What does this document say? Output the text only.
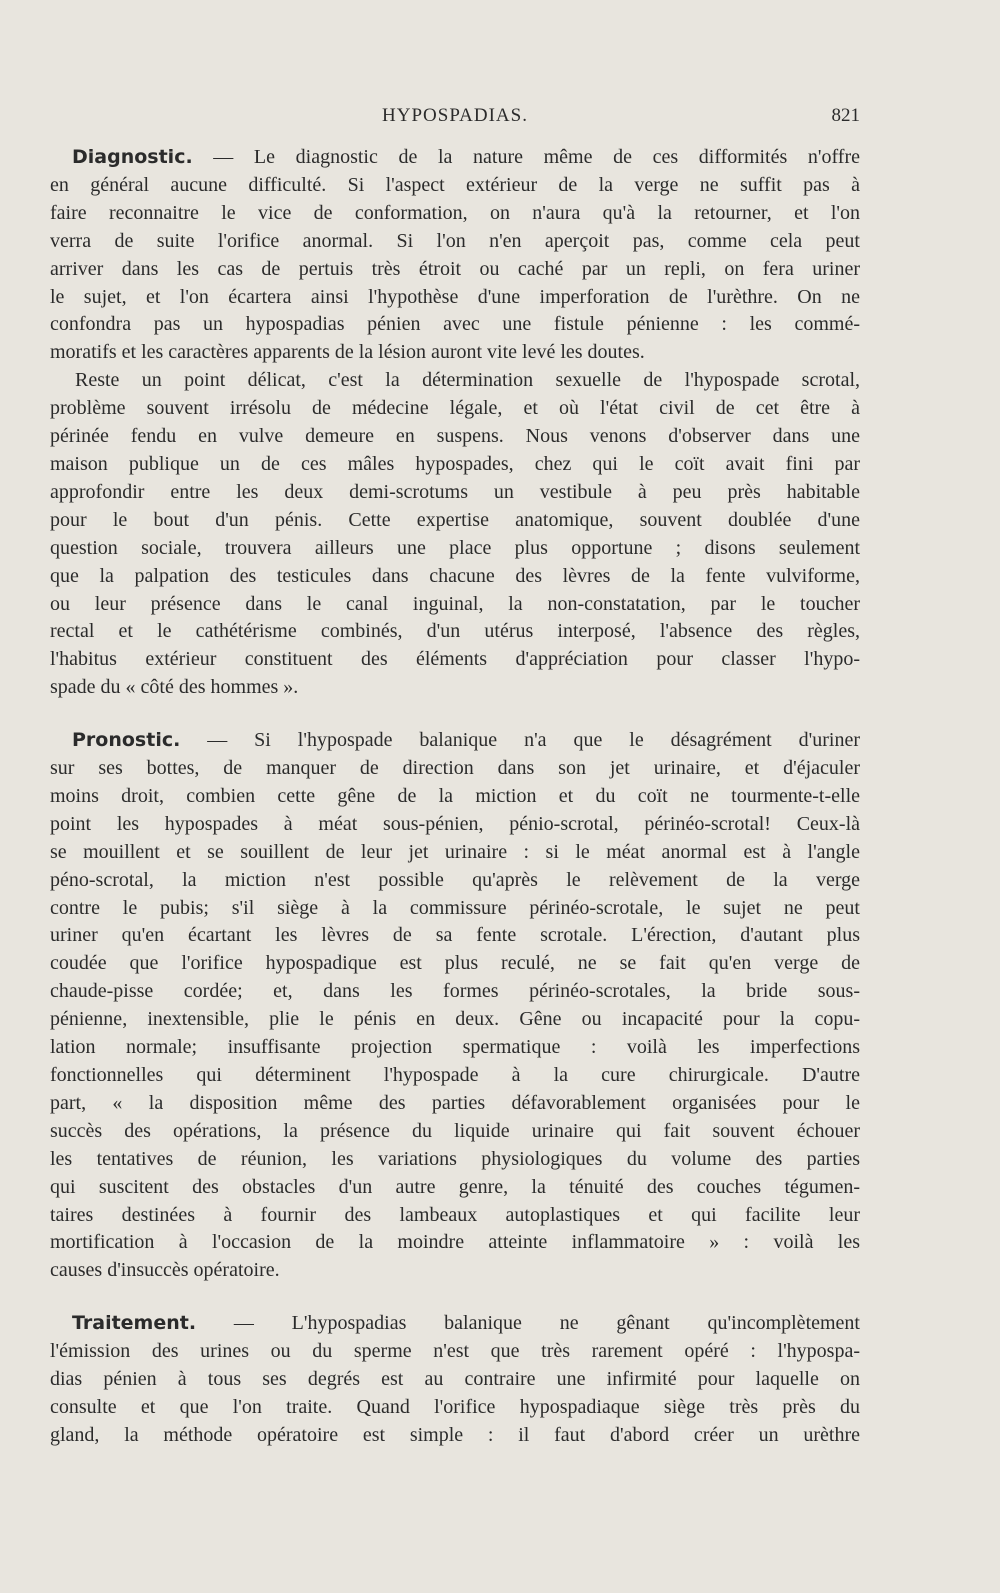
HYPOSPADIAS.	821
Diagnostic. — Le diagnostic de la nature même de ces difformités n'offre
en général aucune difficulté. Si l'aspect extérieur de la verge ne suffit pas à
faire reconnaitre le vice de conformation, on n'aura qu'à la retourner, et l'on
verra de suite l'orifice anormal. Si l'on n'en aperçoit pas, comme cela peut
arriver dans les cas de pertuis très étroit ou caché par un repli, on fera uriner
le sujet, et l'on écartera ainsi l'hypothèse d'une imperforation de l'urèthre. On ne
confondra pas un hypospadias pénien avec une fistule pénienne : les commé-
moratifs et les caractères apparents de la lésion auront vite levé les doutes.
Reste un point délicat, c'est la détermination sexuelle de l'hypospade scrotal,
problème souvent irrésolu de médecine légale, et où l'état civil de cet être à
périnée fendu en vulve demeure en suspens. Nous venons d'observer dans une
maison publique un de ces mâles hypospades, chez qui le coït avait fini par
approfondir entre les deux demi-scrotums un vestibule à peu près habitable
pour le bout d'un pénis. Cette expertise anatomique, souvent doublée d'une
question sociale, trouvera ailleurs une place plus opportune ; disons seulement
que la palpation des testicules dans chacune des lèvres de la fente vulviforme,
ou leur présence dans le canal inguinal, la non-constatation, par le toucher
rectal et le cathétérisme combinés, d'un utérus interposé, l'absence des règles,
l'habitus extérieur constituent des éléments d'appréciation pour classer l'hypo-
spade du « côté des hommes ».
Pronostic. — Si l'hypospade balanique n'a que le désagrément d'uriner
sur ses bottes, de manquer de direction dans son jet urinaire, et d'éjaculer
moins droit, combien cette gêne de la miction et du coït ne tourmente-t-elle
point les hypospades à méat sous-pénien, pénio-scrotal, périnéo-scrotal! Ceux-là
se mouillent et se souillent de leur jet urinaire : si le méat anormal est à l'angle
péno-scrotal, la miction n'est possible qu'après le relèvement de la verge
contre le pubis; s'il siège à la commissure périnéo-scrotale, le sujet ne peut
uriner qu'en écartant les lèvres de sa fente scrotale. L'érection, d'autant plus
coudée que l'orifice hypospadique est plus reculé, ne se fait qu'en verge de
chaude-pisse cordée; et, dans les formes périnéo-scrotales, la bride sous-
pénienne, inextensible, plie le pénis en deux. Gêne ou incapacité pour la copu-
lation normale; insuffisante projection spermatique : voilà les imperfections
fonctionnelles qui déterminent l'hypospade à la cure chirurgicale. D'autre
part, « la disposition même des parties défavorablement organisées pour le
succès des opérations, la présence du liquide urinaire qui fait souvent échouer
les tentatives de réunion, les variations physiologiques du volume des parties
qui suscitent des obstacles d'un autre genre, la ténuité des couches tégumen-
taires destinées à fournir des lambeaux autoplastiques et qui facilite leur
mortification à l'occasion de la moindre atteinte inflammatoire » : voilà les
causes d'insuccès opératoire.
Traitement. — L'hypospadias balanique ne gênant qu'incomplètement
l'émission des urines ou du sperme n'est que très rarement opéré : l'hypospa-
dias pénien à tous ses degrés est au contraire une infirmité pour laquelle on
consulte et que l'on traite. Quand l'orifice hypospadiaque siège très près du
gland, la méthode opératoire est simple : il faut d'abord créer un urèthre
